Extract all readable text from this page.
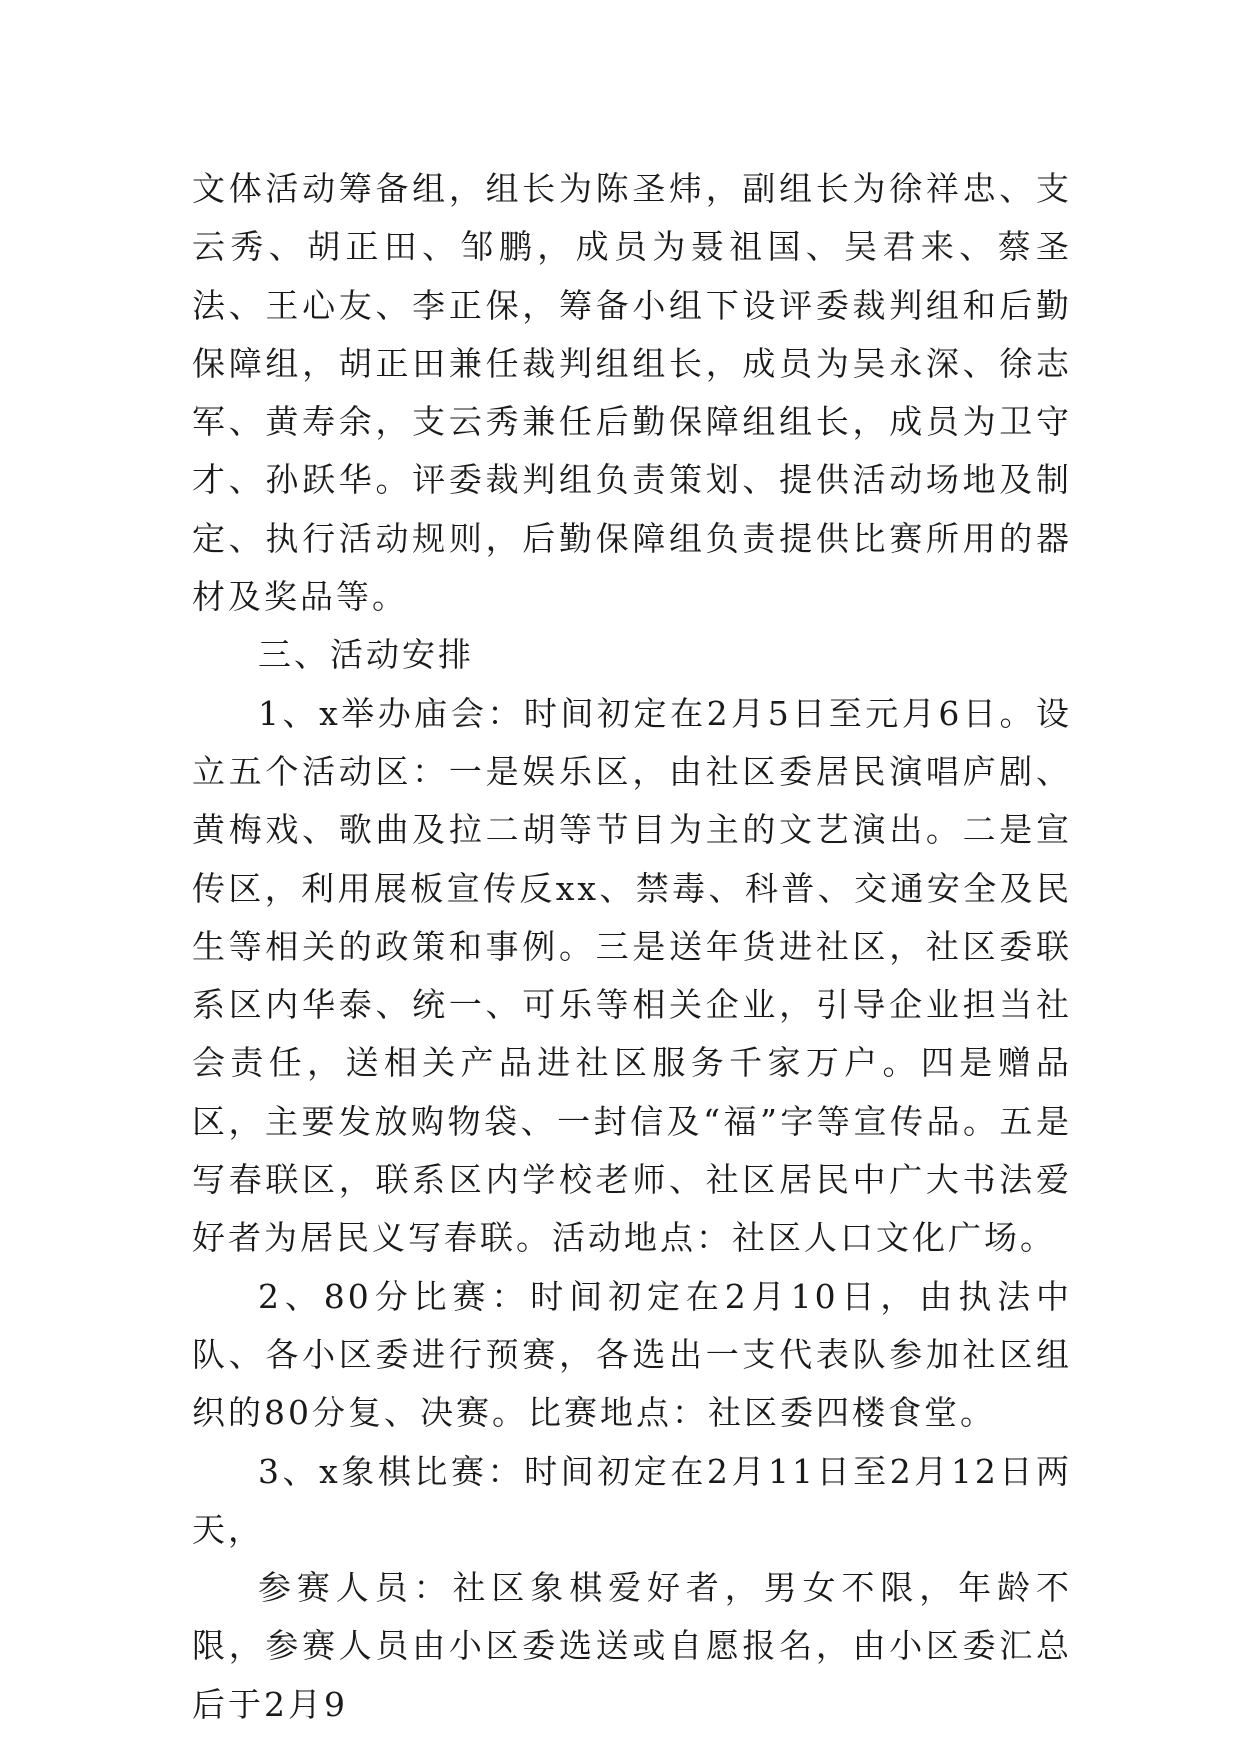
文体活动筹备组，组长为陈圣炜，副组长为徐祥忠、支云秀、胡正田、邹鹏，成员为聂祖国、吴君来、蔡圣法、王心友、李正保，筹备小组下设评委裁判组和后勤保障组，胡正田兼任裁判组组长，成员为吴永深、徐志军、黄寿余，支云秀兼任后勤保障组组长，成员为卫守才、孙跃华。评委裁判组负责策划、提供活动场地及制定、执行活动规则，后勤保障组负责提供比赛所用的器材及奖品等。

三、活动安排

1、x举办庙会：时间初定在2月5日至元月6日。设立五个活动区：一是娱乐区，由社区委居民演唱庐剧、黄梅戏、歌曲及拉二胡等节目为主的文艺演出。二是宣传区，利用展板宣传反xx、禁毒、科普、交通安全及民生等相关的政策和事例。三是送年货进社区，社区委联系区内华泰、统一、可乐等相关企业，引导企业担当社会责任，送相关产品进社区服务千家万户。四是赠品区，主要发放购物袋、一封信及“福”字等宣传品。五是写春联区，联系区内学校老师、社区居民中广大书法爱好者为居民义写春联。活动地点：社区人口文化广场。

2、80分比赛：时间初定在2月10日，由执法中队、各小区委进行预赛，各选出一支代表队参加社区组织的80分复、决赛。比赛地点：社区委四楼食堂。

3、x象棋比赛：时间初定在2月11日至2月12日两天，

参赛人员：社区象棋爱好者，男女不限，年龄不限，参赛人员由小区委选送或自愿报名，由小区委汇总后于2月9
